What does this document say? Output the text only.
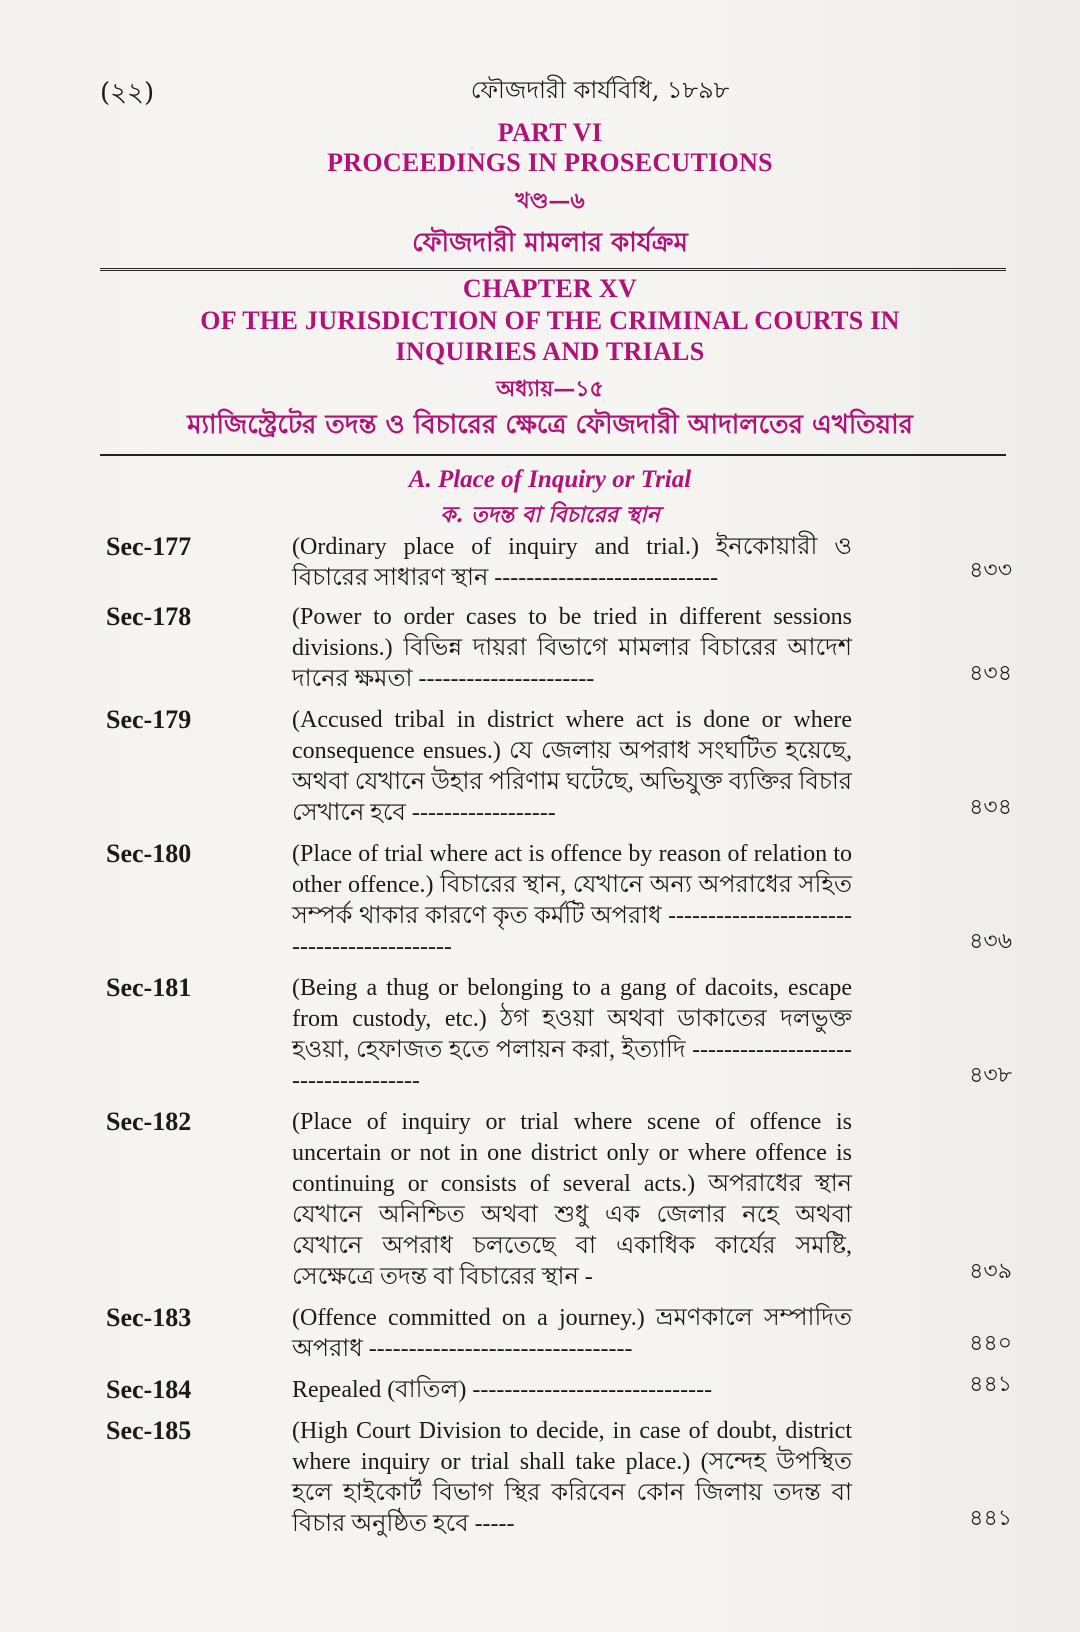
(২২)	ফৌজদারী কার্যবিধি, ১৮৯৮
PART VI
PROCEEDINGS IN PROSECUTIONS
খণ্ড—৬
ফৌজদারী মামলার কার্যক্রম
CHAPTER XV
OF THE JURISDICTION OF THE CRIMINAL COURTS IN
INQUIRIES AND TRIALS
অধ্যায়—১৫
ম্যাজিস্ট্রেটের তদন্ত ও বিচারের ক্ষেত্রে ফৌজদারী আদালতের এখতিয়ার
A. Place of Inquiry or Trial
ক. তদন্ত বা বিচারের স্থান
Sec-177	(Ordinary place of inquiry and trial.) ইনকোয়ারী ও বিচারের সাধারণ স্থান ----------------------------	৪৩৩
Sec-178	(Power to order cases to be tried in different sessions divisions.) বিভিন্ন দায়রা বিভাগে মামলার বিচারের আদেশ দানের ক্ষমতা ----------------------	৪৩৪
Sec-179	(Accused tribal in district where act is done or where consequence ensues.) যে জেলায় অপরাধ সংঘটিত হয়েছে, অথবা যেখানে উহার পরিণাম ঘটেছে, অভিযুক্ত ব্যক্তির বিচার সেখানে হবে ------------------	৪৩৪
Sec-180	(Place of trial where act is offence by reason of relation to other offence.) বিচারের স্থান, যেখানে অন্য অপরাধের সহিত সম্পর্ক থাকার কারণে কৃত কর্মটি অপরাধ -------------------------------------------	৪৩৬
Sec-181	(Being a thug or belonging to a gang of dacoits, escape from custody, etc.) ঠগ হওয়া অথবা ডাকাতের দলভুক্ত হওয়া, হেফাজত হতে পলায়ন করা, ইত্যাদি ------------------------------------	৪৩৮
Sec-182	(Place of inquiry or trial where scene of offence is uncertain or not in one district only or where offence is continuing or consists of several acts.) অপরাধের স্থান যেখানে অনিশ্চিত অথবা শুধু এক জেলার নহে অথবা যেখানে অপরাধ চলতেছে বা একাধিক কার্যের সমষ্টি, সেক্ষেত্রে তদন্ত বা বিচারের স্থান -	৪৩৯
Sec-183	(Offence committed on a journey.) ভ্রমণকালে সম্পাদিত অপরাধ ---------------------------------	৪৪০
Sec-184	Repealed (বাতিল) ------------------------------	৪৪১
Sec-185	(High Court Division to decide, in case of doubt, district where inquiry or trial shall take place.) (সন্দেহ উপস্থিত হলে হাইকোর্ট বিভাগ স্থির করিবেন কোন জিলায় তদন্ত বা বিচার অনুষ্ঠিত হবে -----	৪৪১
